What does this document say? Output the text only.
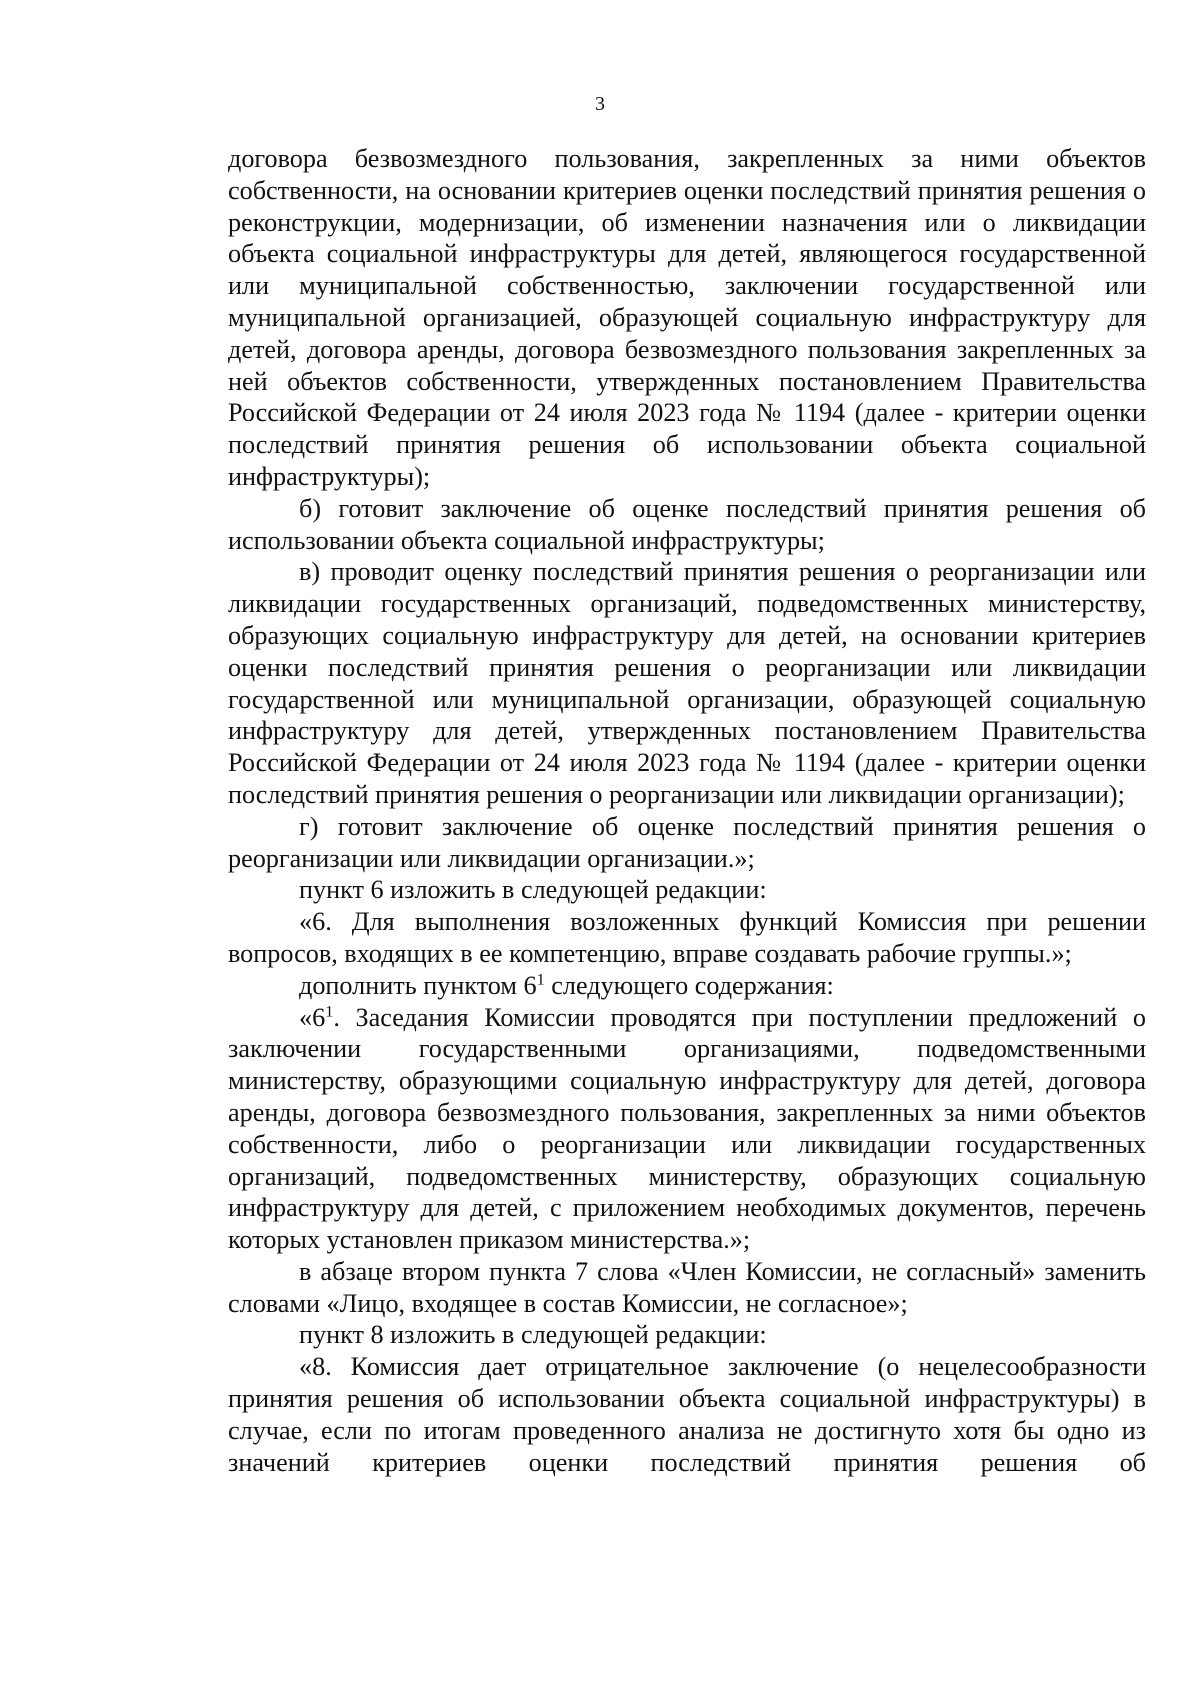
3

договора безвозмездного пользования, закрепленных за ними объектов собственности, на основании критериев оценки последствий принятия решения о реконструкции, модернизации, об изменении назначения или о ликвидации объекта социальной инфраструктуры для детей, являющегося государственной или муниципальной собственностью, заключении государственной или муниципальной организацией, образующей социальную инфраструктуру для детей, договора аренды, договора безвозмездного пользования закрепленных за ней объектов собственности, утвержденных постановлением Правительства Российской Федерации от 24 июля 2023 года № 1194 (далее - критерии оценки последствий принятия решения об использовании объекта социальной инфраструктуры);

б) готовит заключение об оценке последствий принятия решения об использовании объекта социальной инфраструктуры;

в) проводит оценку последствий принятия решения о реорганизации или ликвидации государственных организаций, подведомственных министерству, образующих социальную инфраструктуру для детей, на основании критериев оценки последствий принятия решения о реорганизации или ликвидации государственной или муниципальной организации, образующей социальную инфраструктуру для детей, утвержденных постановлением Правительства Российской Федерации от 24 июля 2023 года № 1194 (далее - критерии оценки последствий принятия решения о реорганизации или ликвидации организации);

г) готовит заключение об оценке последствий принятия решения о реорганизации или ликвидации организации.»;

пункт 6 изложить в следующей редакции:

«6. Для выполнения возложенных функций Комиссия при решении вопросов, входящих в ее компетенцию, вправе создавать рабочие группы.»;

дополнить пунктом $6^1$ следующего содержания:

«$6^1$. Заседания Комиссии проводятся при поступлении предложений о заключении государственными организациями, подведомственными министерству, образующими социальную инфраструктуру для детей, договора аренды, договора безвозмездного пользования, закрепленных за ними объектов собственности, либо о реорганизации или ликвидации государственных организаций, подведомственных министерству, образующих социальную инфраструктуру для детей, с приложением необходимых документов, перечень которых установлен приказом министерства.»;

в абзаце втором пункта 7 слова «Член Комиссии, не согласный» заменить словами «Лицо, входящее в состав Комиссии, не согласное»;

пункт 8 изложить в следующей редакции:

«8. Комиссия дает отрицательное заключение (о нецелесообразности принятия решения об использовании объекта социальной инфраструктуры) в случае, если по итогам проведенного анализа не достигнуто хотя бы одно из значений критериев оценки последствий принятия решения об
